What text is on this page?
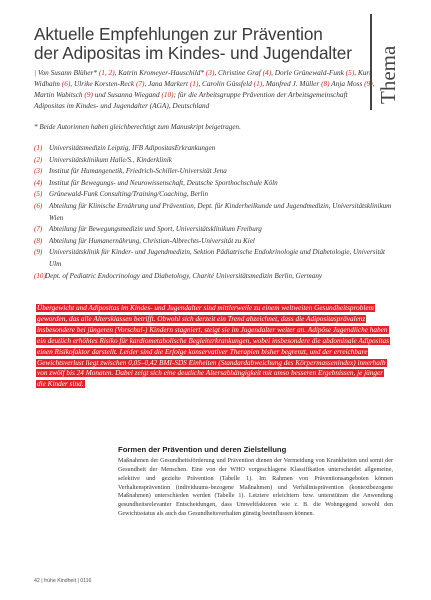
Aktuelle Empfehlungen zur Prävention
der Adipositas im Kindes- und Jugendalter	Thema
| Von Susann Blüher* (1, 2), Katrin Kromeyer-Hauschild* (3), Christine Graf (4), Dorle Grünewald-Funk (5), Kurt Widhalm (6), Ulrike Korsten-Reck (7), Jana Markert (1), Carolin Güssfeld (1), Manfred J. Müller (8) Anja Moss (9), Martin Wabitsch (9) und Susanna Wiegand (10); für die Arbeitsgruppe Prävention der Arbeitsgemeinschaft Adipositas im Kindes- und Jugendalter (AGA), Deutschland
* Beide Autorinnen haben gleichberechtigt zum Manuskript beigetragen.
(1) Universitätsmedizin Leipzig, IFB AdipositasErkrankungen
(2) Universitätsklinikum Halle/S., Kinderklinik
(3) Institut für Humangenetik, Friedrich-Schiller-Universität Jena
(4) Institut für Bewegungs- und Neurowissenschaft, Deutsche Sporthochschule Köln
(5) Grünewald-Funk Consulting/Training/Coaching, Berlin
(6) Abteilung für Klinische Ernährung und Prävention, Dept. für Kinderheilkunde und Jugendmedizin, Universitätsklinikum Wien
(7) Abteilung für Bewegungsmedizin und Sport, Universitätsklinikum Freiburg
(8) Abteilung für Humanernährung, Christian-Albrechts-Universität zu Kiel
(9) Universitätsklinik für Kinder- und Jugendmedizin, Sektion Pädiatrische Endokrinologie und Diabetologie, Universität Ulm
(10) Dept. of Pediatric Endocrinology and Diabetology, Charité Universitätsmedizin Berlin, Germany
Übergewicht und Adipositas im Kindes- und Jugendalter sind mittlerweile zu einem weltweiten Gesundheitsproblem geworden, das alle Altersklassen betrifft. Obwohl sich derzeit ein Trend abzeichnet, dass die Adipositasprävalenz insbesondere bei jüngeren (Vorschul-) Kindern stagniert, steigt sie im Jugendalter weiter an. Adipöse Jugendliche haben ein deutlich erhöhtes Risiko für kardiometabolische Begleiterkrankungen, wobei insbesondere die abdominale Adipositas einen Risikofaktor darstellt. Leider sind die Erfolge konservativer Therapien bisher begrenzt, und der erreichbare Gewichtsverlust liegt zwischen 0,05–0,42 BMI-SDS Einheiten (Standardabweichung des Körpermassenindex) innerhalb von zwölf bis 24 Monaten. Dabei zeigt sich eine deutliche Altersabhängigkeit mit umso besseren Ergebnissen, je jünger die Kinder sind.
Formen der Prävention und deren Zielstellung

Maßnahmen der Gesundheitsförderung und Prävention dienen der Vermeidung von Krankheiten und somit der Gesundheit der Menschen. Eine von der WHO vorgeschlagene Klassifikation unterscheidet allgemeine, selektive und gezielte Prävention (Tabelle 1). Im Rahmen von Präventionsangeboten können Verhaltensprävention (individuums-bezogene Maßnahmen) und Verhältnisprävention (kontextbezogene Maßnahmen) unterschieden werden (Tabelle 1). Letztere erleichtern bzw. unterstützen die Anwendung gesundheitsrelevanter Entscheidungen, dass Umweltfaktoren wie z. B. die Wohngegend sowohl den Gewichtsstatus als auch das Gesundheitsverhalten günstig beeinflussen können.

42 | frühe Kindheit | 0116
